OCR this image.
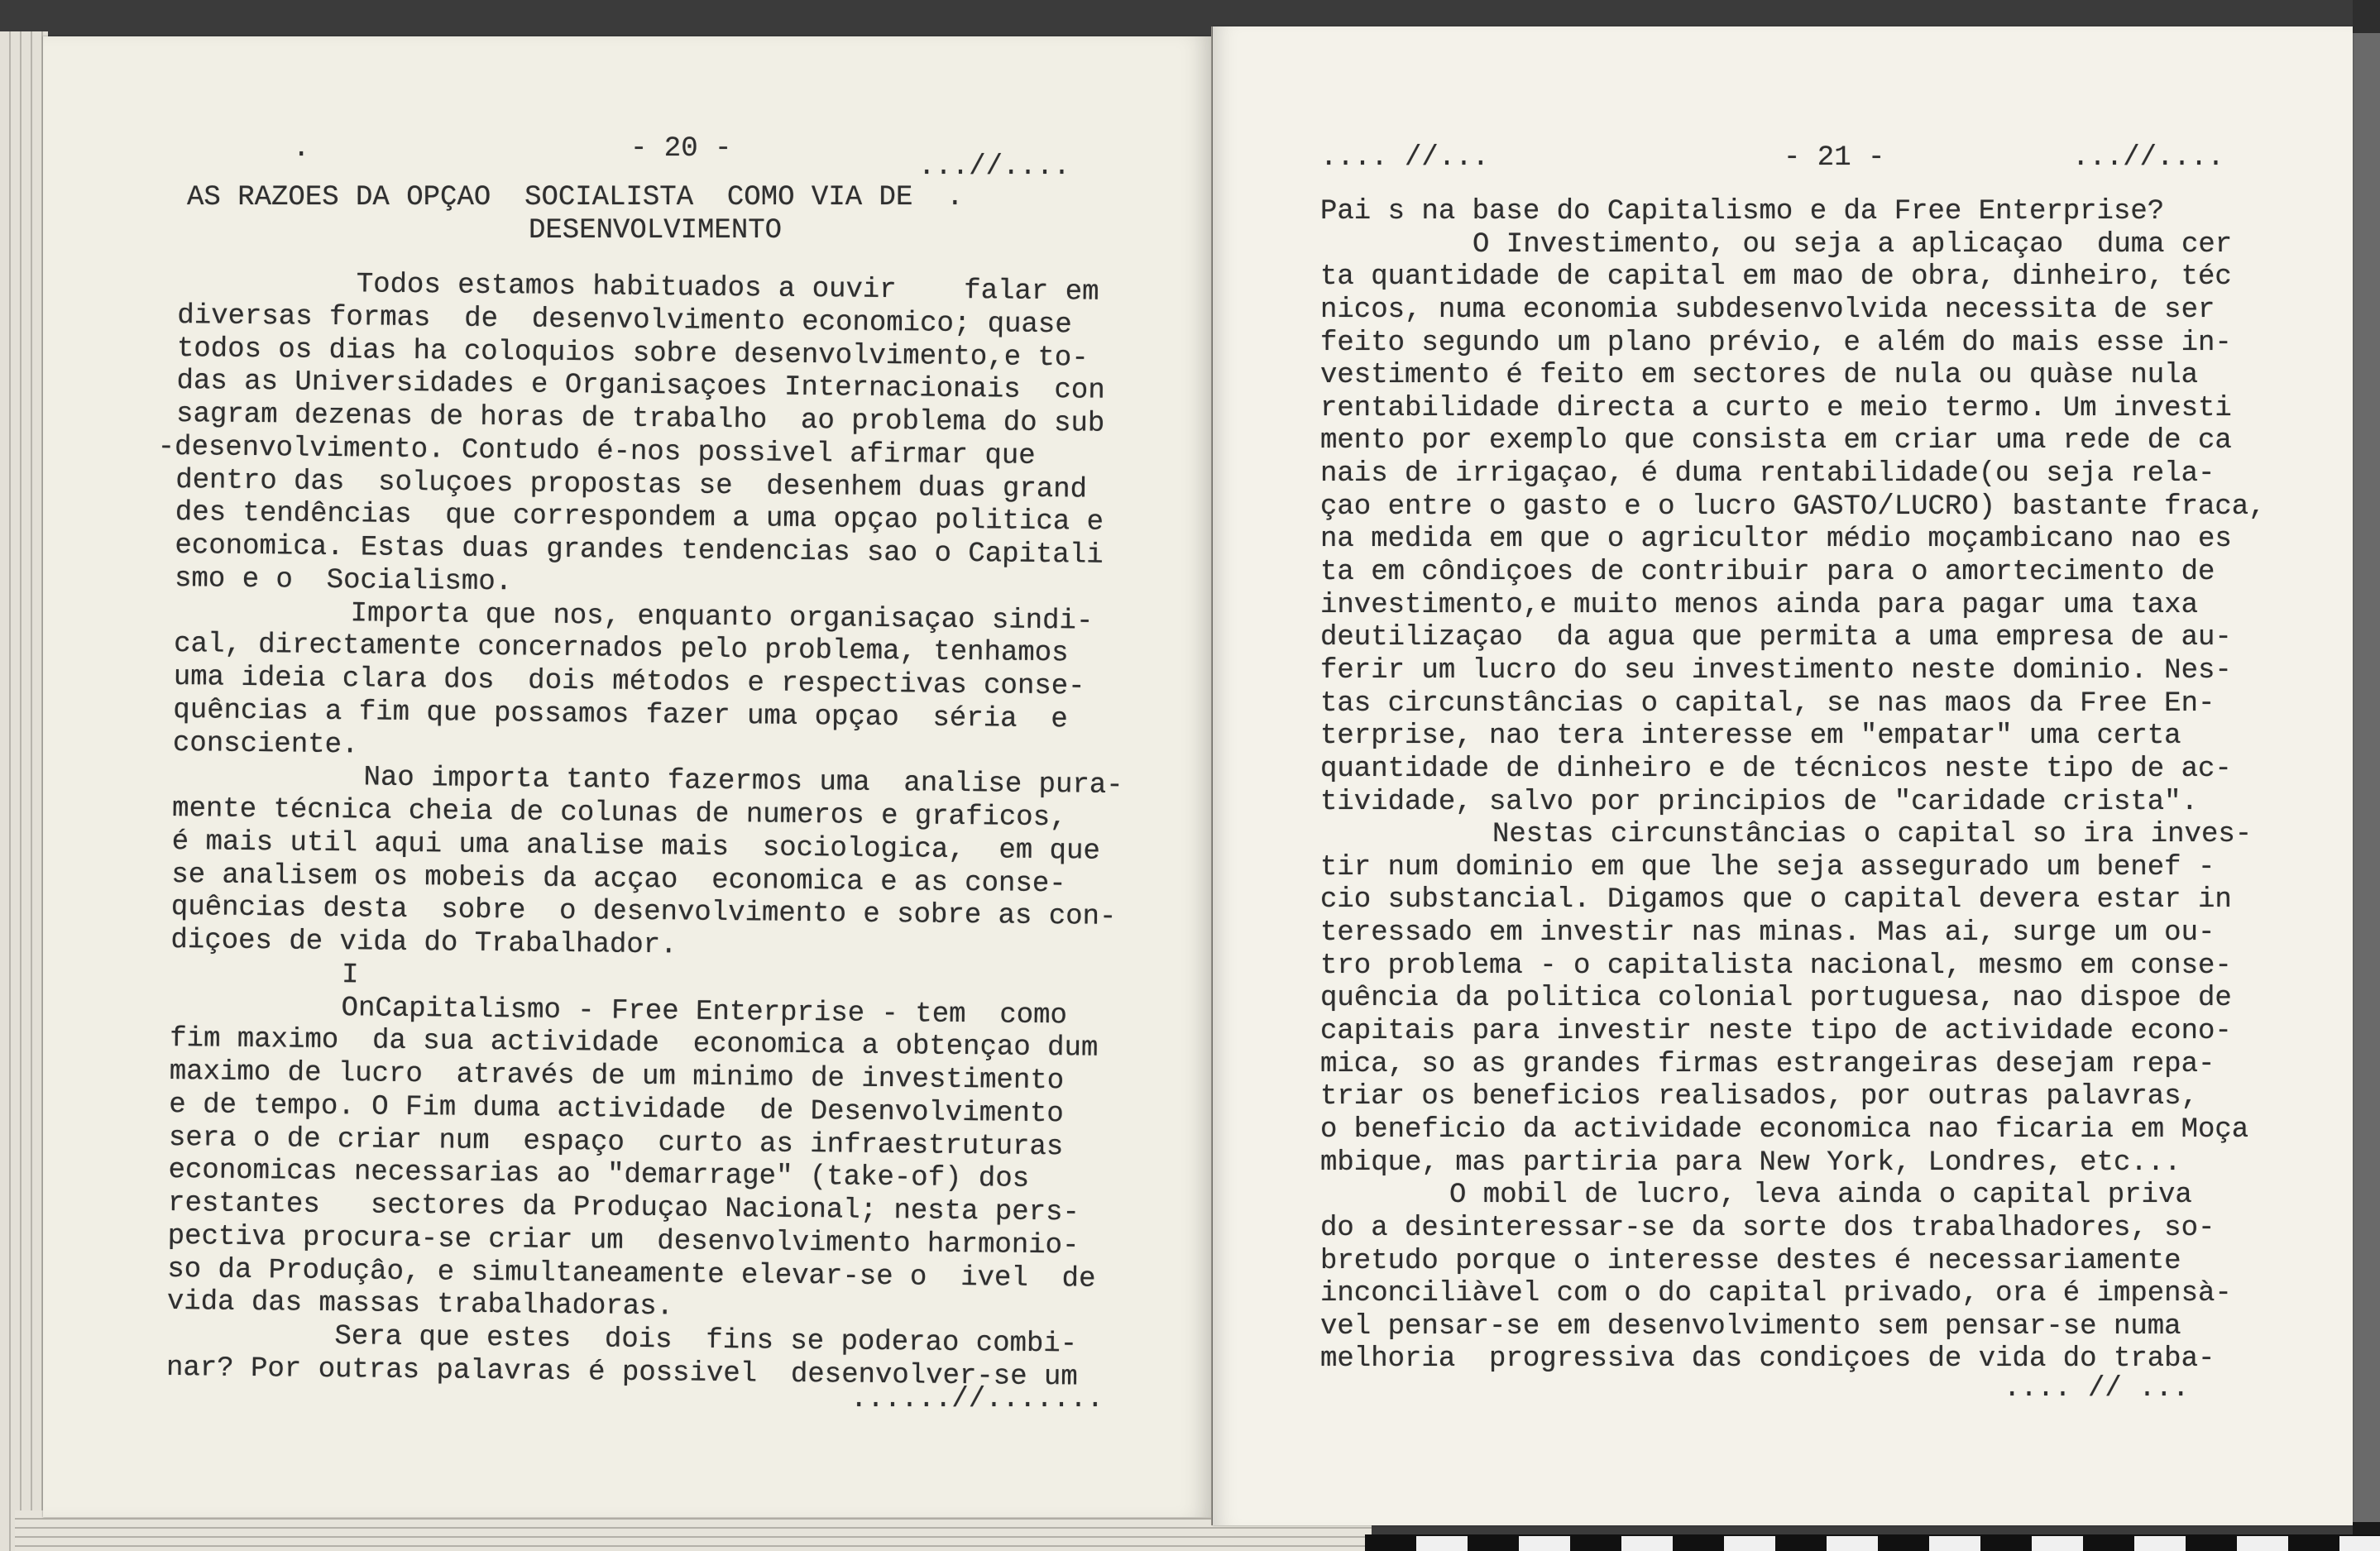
.	- 20 -
...//....
AS RAZOES DA OPÇAO  SOCIALISTA  COMO VIA DE  .
DESENVOLVIMENTO
Todos estamos habituados a ouvir    falar em
diversas formas  de  desenvolvimento economico; quase
todos os dias ha coloquios sobre desenvolvimento,e to-
das as Universidades e Organisaçoes Internacionais  con
sagram dezenas de horas de trabalho  ao problema do sub
-desenvolvimento. Contudo é-nos possivel afirmar que
dentro das  soluçoes propostas se  desenhem duas grand
des tendências  que correspondem a uma opçao politica e
economica. Estas duas grandes tendencias sao o Capitali
smo e o  Socialismo.
Importa que nos, enquanto organisaçao sindi-
cal, directamente concernados pelo problema, tenhamos
uma ideia clara dos  dois métodos e respectivas conse-
quências a fim que possamos fazer uma opçao  séria  e
consciente.
Nao importa tanto fazermos uma  analise pura-
mente técnica cheia de colunas de numeros e graficos,
é mais util aqui uma analise mais  sociologica,  em que
se analisem os mobeis da acçao  economica e as conse-
quências desta  sobre  o desenvolvimento e sobre as con-
diçoes de vida do Trabalhador.
I
OnCapitalismo - Free Enterprise - tem  como
fim maximo  da sua actividade  economica a obtençao dum
maximo de lucro  através de um minimo de investimento
e de tempo. O Fim duma actividade  de Desenvolvimento
sera o de criar num  espaço  curto as infraestruturas
economicas necessarias ao "demarrage" (take-of) dos
restantes   sectores da Produçao Nacional; nesta pers-
pectiva procura-se criar um  desenvolvimento harmonio-
so da Produçâo, e simultaneamente elevar-se o  ivel  de
vida das massas trabalhadoras.
Sera que estes  dois  fins se poderao combi-
nar? Por outras palavras é possivel  desenvolver-se um
......//.......
.... //...	- 21 -	...//....
Pai s na base do Capitalismo e da Free Enterprise?
O Investimento, ou seja a aplicaçao  duma cer
ta quantidade de capital em mao de obra, dinheiro, téc
nicos, numa economia subdesenvolvida necessita de ser
feito segundo um plano prévio, e além do mais esse in-
vestimento é feito em sectores de nula ou quàse nula
rentabilidade directa a curto e meio termo. Um investi
mento por exemplo que consista em criar uma rede de ca
nais de irrigaçao, é duma rentabilidade(ou seja rela-
çao entre o gasto e o lucro GASTO/LUCRO) bastante fraca,
na medida em que o agricultor médio moçambicano nao es
ta em côndiçoes de contribuir para o amortecimento de
investimento,e muito menos ainda para pagar uma taxa
deutilizaçao  da agua que permita a uma empresa de au-
ferir um lucro do seu investimento neste dominio. Nes-
tas circunstâncias o capital, se nas maos da Free En-
terprise, nao tera interesse em "empatar" uma certa
quantidade de dinheiro e de técnicos neste tipo de ac-
tividade, salvo por principios de "caridade crista".
Nestas circunstâncias o capital so ira inves-
tir num dominio em que lhe seja assegurado um benef -
cio substancial. Digamos que o capital devera estar in
teressado em investir nas minas. Mas ai, surge um ou-
tro problema - o capitalista nacional, mesmo em conse-
quência da politica colonial portuguesa, nao dispoe de
capitais para investir neste tipo de actividade econo-
mica, so as grandes firmas estrangeiras desejam repa-
triar os beneficios realisados, por outras palavras,
o beneficio da actividade economica nao ficaria em Moça
mbique, mas partiria para New York, Londres, etc...
O mobil de lucro, leva ainda o capital priva
do a desinteressar-se da sorte dos trabalhadores, so-
bretudo porque o interesse destes é necessariamente
inconciliàvel com o do capital privado, ora é impensà-
vel pensar-se em desenvolvimento sem pensar-se numa
melhoria  progressiva das condiçoes de vida do traba-
.... // ...
